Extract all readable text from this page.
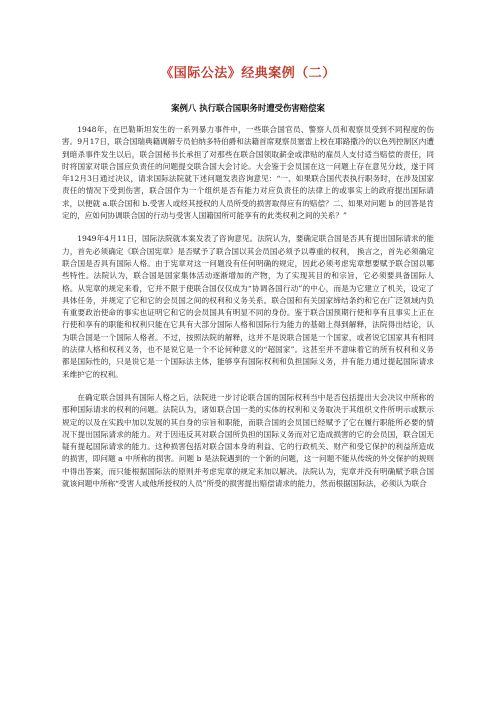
《国际公法》经典案例（二）
案例八 执行联合国职务时遭受伤害赔偿案

1948年，在巴勒斯坦发生的一系列暴力事件中，一些联合国官员、警察人员和观察员受到不同程度的伤害。9月17日，联合国瑞典籍调解专员伯纳多特伯爵和法籍首席观察员塞雷上校在耶路撒冷的以色列控制区内遭到暗杀事件发生以后，联合国秘书长承担了对那些在联合国领取薪金或津贴的雇员人支付适当赔偿的责任，同时将国家对联合国应负责任的问题提交联合国大会讨论。大会鉴于会员国在这一问题上存在意见分歧，遂于同年12月3日通过决议，请求国际法院就下述问题发表咨询意见：“一、如果联合国代表执行职务时，在涉及国家责任的情况下受到伤害，联合国作为一个组织是否有能力对应负责任的法律上的或事实上的政府提出国际请求，以便就 a.联合国和 b.受害人或经其授权的人员所受的损害取得应有的赔偿？二、如果对问题 b 的回答是肯定的，应如何协调联合国的行动与受害人国籍国所可能享有的此类权利之间的关系？”

1949年4月11日，国际法院就本案发表了咨询意见。法院认为，要确定联合国是否具有提出国际请求的能力，首先必须确定《联合国宪章》是否赋予了联合国以其会员国必须予以尊重的权利， 换言之，首先必须确定联合国是否具有国际人格。由于宪章对这一问题没有任何明确的规定，因此必须考虑宪章想要赋予联合国以哪些特性。法院认为，联合国是国家集体活动逐渐增加的产物，为了实现其目的和宗旨，它必须要具备国际人格。从宪章的规定来看，它并不限于使联合国仅仅成为“协调各国行动”的中心，而是为它建立了机关，设定了具体任务，并规定了它和它的会员国之间的权利和义务关系。联合国和有关国家缔结条约和它在广泛领域内负有重要政治使命的事实也证明它和它的会员国具有明显不同的身份。鉴于联合国预期行使和享有且事实上正在行使和享有的职能和权利只能在它具有大部分国际人格和国际行为能力的基础上得到解释，法院得出结论，认为联合国是一个国际人格者。不过，按照法院的解释，这并不是说联合国是一个国家，或者说它国家具有相同的法律人格和权利义务，也不是说它是一个不论何种意义的“超国家”。这甚至并不意味着它的所有权利和义务都是国际性的，只是说它是一个国际法主体，能够享有国际权利和负担国际义务，并有能力通过提起国际请求来维护它的权利。

在确定联合国具有国际人格之后，法院进一步讨论联合国的国际权利当中是否包括提出大会决议中所称的那种国际请求的权利的问题。法院认为，诸如联合国一类的实体的权利和义务取决于其组织文件所明示或默示规定的以及在实践中加以发展的其自身的宗旨和职能，而联合国的会员国已经赋予了它在履行职能所必要的情况下提出国际请求的能力。对于因违反其对联合国所负担的国际义务而对它造成损害的它的会员国，联合国无疑有提起国际请求的能力。这种损害包括对联合国本身的利益、它的行政机关、财产和受它保护的利益所造成的损害，即问题 a 中所称的损害。问题 b 是法院遇到的一个新的问题，这一问题不能从传统的外交保护的规则中得出答案，而只能根据国际法的原则并考虑宪章的规定来加以解决。法院认为，宪章并没有明确赋予联合国就该问题中所称“受害人或他所授权的人员”所受的损害提出赔偿请求的能力，然而根据国际法，必须认为联合
